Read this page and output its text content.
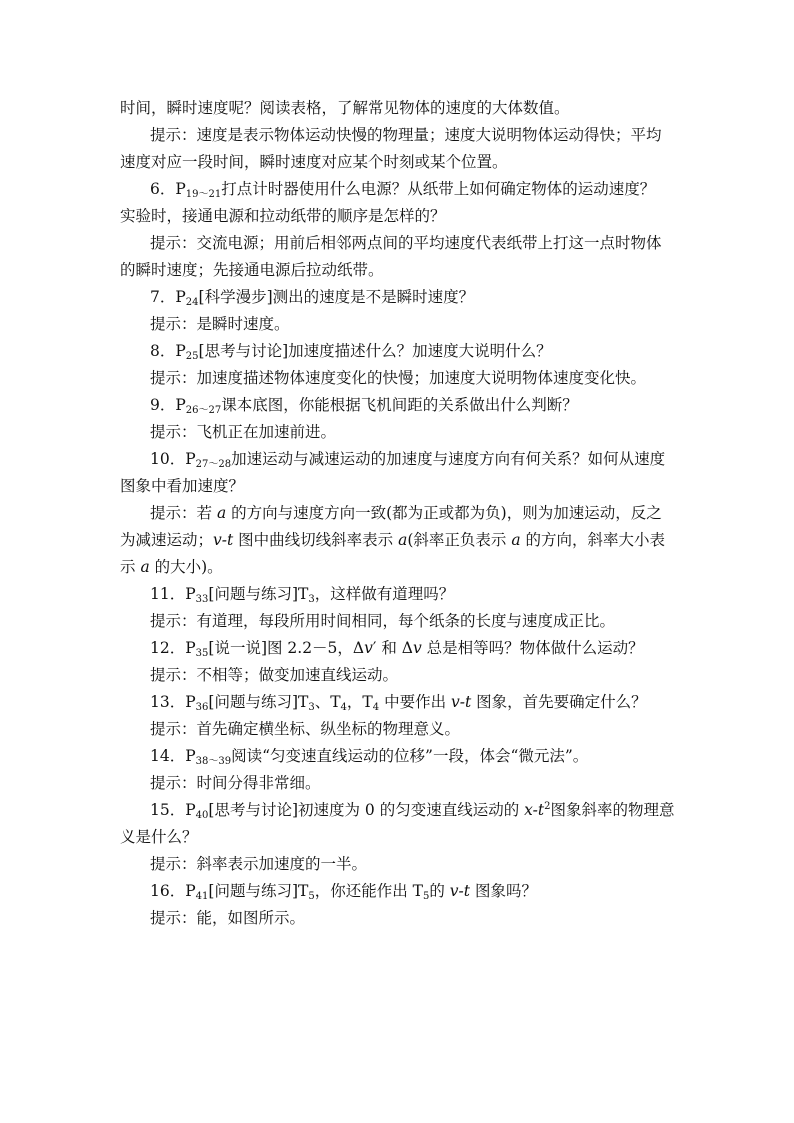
时间，瞬时速度呢？阅读表格，了解常见物体的速度的大体数值。
提示：速度是表示物体运动快慢的物理量；速度大说明物体运动得快；平均
速度对应一段时间，瞬时速度对应某个时刻或某个位置。
6．$P_{19\sim 21}$打点计时器使用什么电源？从纸带上如何确定物体的运动速度？
实验时，接通电源和拉动纸带的顺序是怎样的？
提示：交流电源；用前后相邻两点间的平均速度代表纸带上打这一点时物体
的瞬时速度；先接通电源后拉动纸带。
7．$P_{24}$[科学漫步]测出的速度是不是瞬时速度？
提示：是瞬时速度。
8．$P_{25}$[思考与讨论]加速度描述什么？加速度大说明什么？
提示：加速度描述物体速度变化的快慢；加速度大说明物体速度变化快。
9．$P_{26\sim 27}$课本底图，你能根据飞机间距的关系做出什么判断？
提示：飞机正在加速前进。
10．$P_{27\sim 28}$加速运动与减速运动的加速度与速度方向有何关系？如何从速度
图象中看加速度？
提示：若 a 的方向与速度方向一致(都为正或都为负)，则为加速运动，反之
为减速运动；v-t 图中曲线切线斜率表示 a(斜率正负表示 a 的方向，斜率大小表
示 a 的大小)。
11．$P_{33}$[问题与练习]$T_3$，这样做有道理吗？
提示：有道理，每段所用时间相同，每个纸条的长度与速度成正比。
12．$P_{35}$[说一说]图 2.2－5，Δv′ 和 Δv 总是相等吗？物体做什么运动？
提示：不相等；做变加速直线运动。
13．$P_{36}$[问题与练习]$T_3$、$T_4$，$T_4$ 中要作出 v-t 图象，首先要确定什么？
提示：首先确定横坐标、纵坐标的物理意义。
14．$P_{38\sim 39}$阅读“匀变速直线运动的位移”一段，体会“微元法”。
提示：时间分得非常细。
15．$P_{40}$[思考与讨论]初速度为 0 的匀变速直线运动的 $x-t^2$图象斜率的物理意
义是什么？
提示：斜率表示加速度的一半。
16．$P_{41}$[问题与练习]$T_5$，你还能作出 $T_5$的 v-t 图象吗？
提示：能，如图所示。
